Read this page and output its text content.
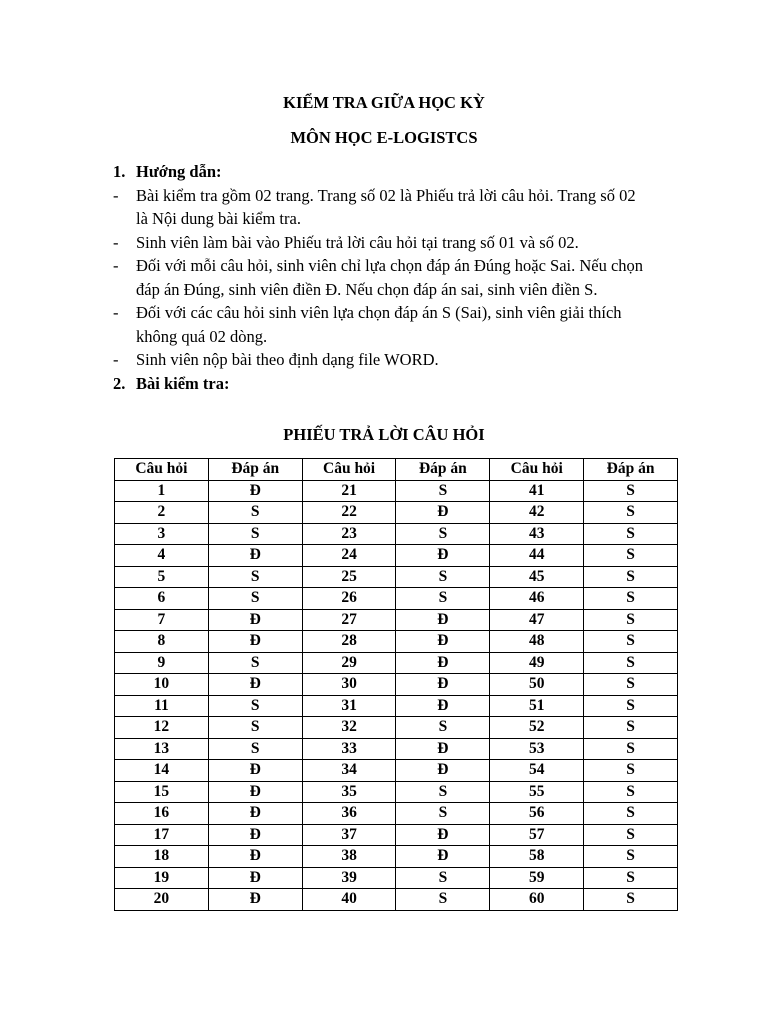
KIỂM TRA GIỮA HỌC KỲ
MÔN HỌC E-LOGISTCS
1. Hướng dẫn:
-	Bài kiểm tra gồm 02 trang. Trang số 02 là Phiếu trả lời câu hỏi. Trang số 02
là Nội dung bài kiểm tra.
-	Sinh viên làm bài vào Phiếu trả lời câu hỏi tại trang số 01 và số 02.
-	Đối với mỗi câu hỏi, sinh viên chỉ lựa chọn đáp án Đúng hoặc Sai. Nếu chọn
đáp án Đúng, sinh viên điền Đ. Nếu chọn đáp án sai, sinh viên điền S.
-	Đối với các câu hỏi sinh viên lựa chọn đáp án S (Sai), sinh viên giải thích
không quá 02 dòng.
-	Sinh viên nộp bài theo định dạng file WORD.
2. Bài kiểm tra:
PHIẾU TRẢ LỜI CÂU HỎI
Câu hỏi	Đáp án	Câu hỏi	Đáp án	Câu hỏi	Đáp án
1	Đ	21	S	41	S
2	S	22	Đ	42	S
3	S	23	S	43	S
4	Đ	24	Đ	44	S
5	S	25	S	45	S
6	S	26	S	46	S
7	Đ	27	Đ	47	S
8	Đ	28	Đ	48	S
9	S	29	Đ	49	S
10	Đ	30	Đ	50	S
11	S	31	Đ	51	S
12	S	32	S	52	S
13	S	33	Đ	53	S
14	Đ	34	Đ	54	S
15	Đ	35	S	55	S
16	Đ	36	S	56	S
17	Đ	37	Đ	57	S
18	Đ	38	Đ	58	S
19	Đ	39	S	59	S
20	Đ	40	S	60	S
